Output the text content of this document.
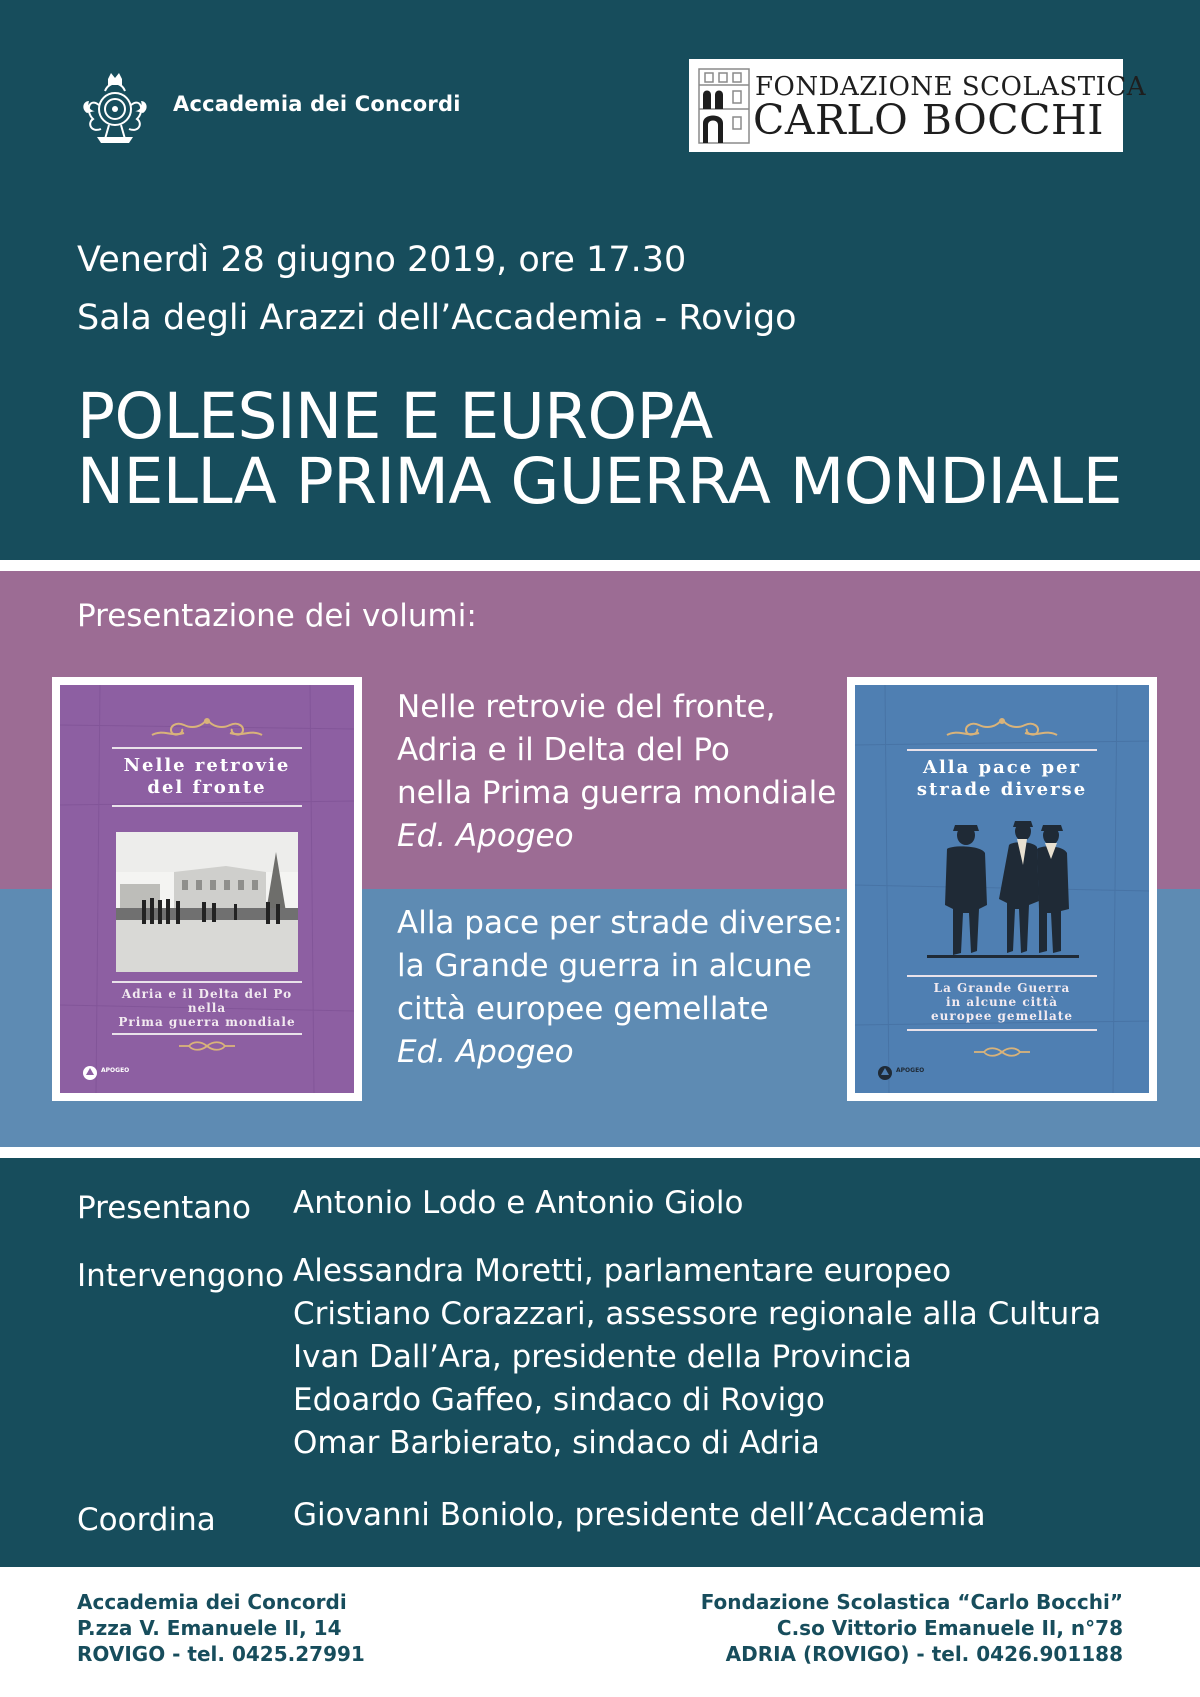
Accademia dei Concordi
FONDAZIONE SCOLASTICA
CARLO BOCCHI
Venerdì 28 giugno 2019, ore 17.30
Sala degli Arazzi dell’Accademia - Rovigo
POLESINE E EUROPA
NELLA PRIMA GUERRA MONDIALE
Presentazione dei volumi:
Nelle retrovie
del fronte
Adria e il Delta del Po
nella
Prima guerra mondiale
APOGEO
Nelle retrovie del fronte,
Adria e il Delta del Po
nella Prima guerra mondiale
Ed. Apogeo
Alla pace per strade diverse:
la Grande guerra in alcune
città europee gemellate
Ed. Apogeo
Alla pace per
strade diverse
La Grande Guerra
in alcune città
europee gemellate
APOGEO
Presentano Antonio Lodo e Antonio Giolo
Intervengono Alessandra Moretti, parlamentare europeo
Cristiano Corazzari, assessore regionale alla Cultura
Ivan Dall’Ara, presidente della Provincia
Edoardo Gaffeo, sindaco di Rovigo
Omar Barbierato, sindaco di Adria
Coordina Giovanni Boniolo, presidente dell’Accademia
Accademia dei Concordi
P.zza V. Emanuele II, 14
ROVIGO - tel. 0425.27991
Fondazione Scolastica “Carlo Bocchi”
C.so Vittorio Emanuele II, n°78
ADRIA (ROVIGO) - tel. 0426.901188
